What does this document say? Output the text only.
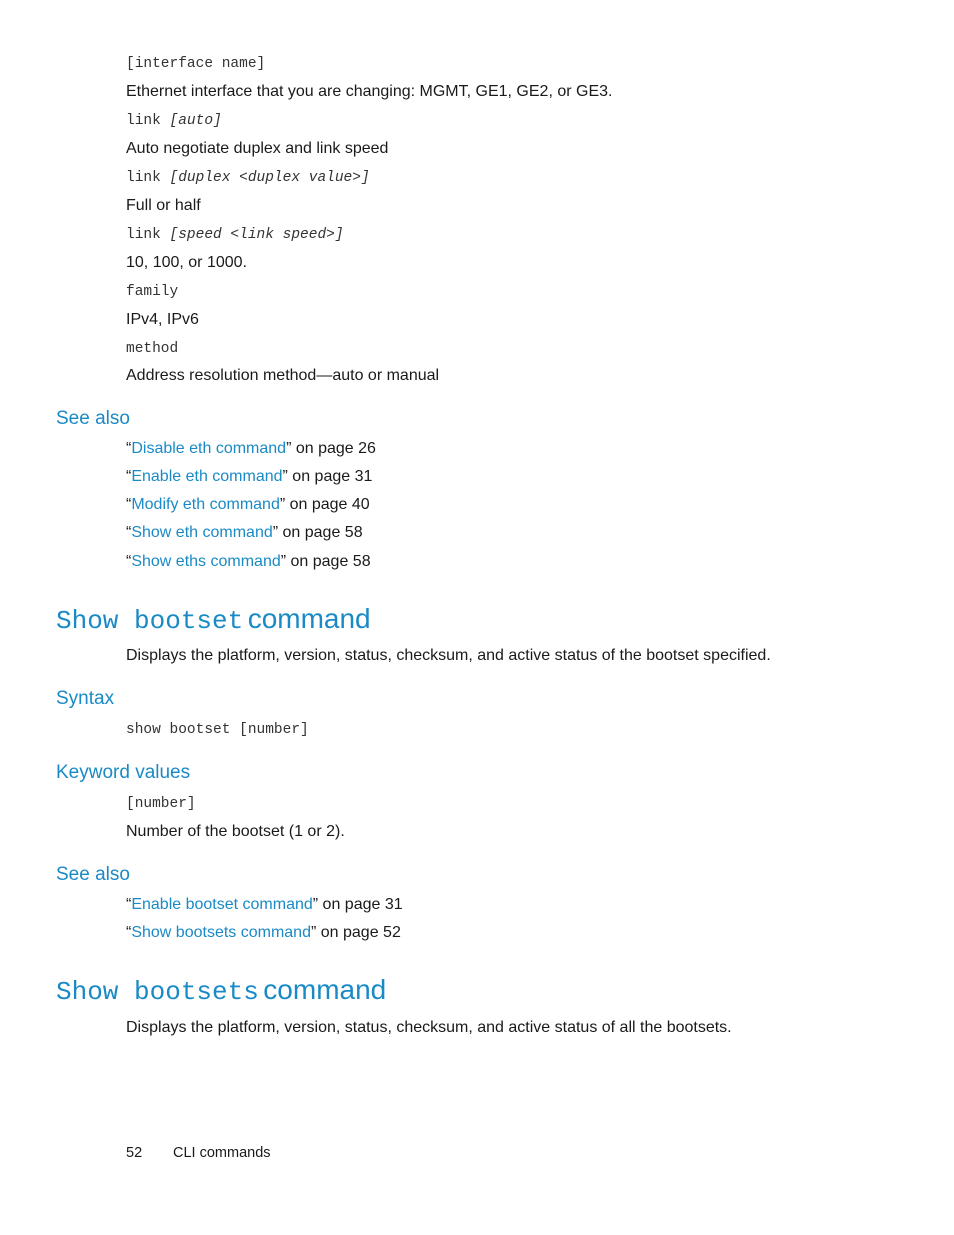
[interface name]
Ethernet interface that you are changing: MGMT, GE1, GE2, or GE3.
link [auto]
Auto negotiate duplex and link speed
link [duplex <duplex value>]
Full or half
link [speed <link speed>]
10, 100, or 1000.
family
IPv4, IPv6
method
Address resolution method—auto or manual
See also
“Disable eth command” on page 26
“Enable eth command” on page 31
“Modify eth command” on page 40
“Show eth command” on page 58
“Show eths command” on page 58
Show bootset command
Displays the platform, version, status, checksum, and active status of the bootset specified.
Syntax
show bootset [number]
Keyword values
[number]
Number of the bootset (1 or 2).
See also
“Enable bootset command” on page 31
“Show bootsets command” on page 52
Show bootsets command
Displays the platform, version, status, checksum, and active status of all the bootsets.
52 CLI commands
